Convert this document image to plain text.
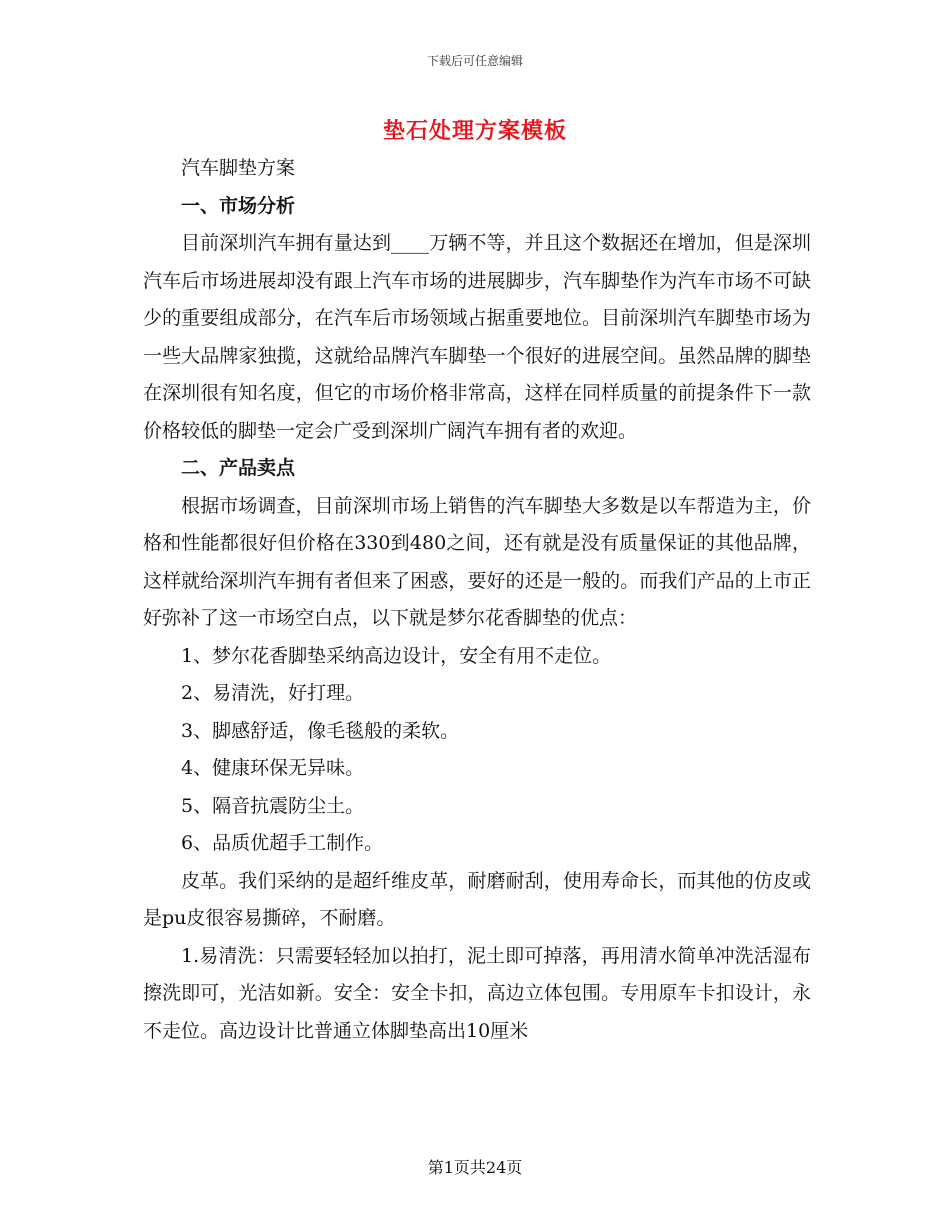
下载后可任意编辑
垫石处理方案模板

汽车脚垫方案

一、市场分析

目前深圳汽车拥有量达到____万辆不等，并且这个数据还在增加，但是深圳汽车后市场进展却没有跟上汽车市场的进展脚步，汽车脚垫作为汽车市场不可缺少的重要组成部分，在汽车后市场领域占据重要地位。目前深圳汽车脚垫市场为一些大品牌家独揽，这就给品牌汽车脚垫一个很好的进展空间。虽然品牌的脚垫在深圳很有知名度，但它的市场价格非常高，这样在同样质量的前提条件下一款价格较低的脚垫一定会广受到深圳广阔汽车拥有者的欢迎。

二、产品卖点

根据市场调查，目前深圳市场上销售的汽车脚垫大多数是以车帮造为主，价格和性能都很好但价格在330到480之间，还有就是没有质量保证的其他品牌，这样就给深圳汽车拥有者但来了困惑，要好的还是一般的。而我们产品的上市正好弥补了这一市场空白点，以下就是梦尔花香脚垫的优点：

1、梦尔花香脚垫采纳高边设计，安全有用不走位。

2、易清洗，好打理。

3、脚感舒适，像毛毯般的柔软。

4、健康环保无异味。

5、隔音抗震防尘土。

6、品质优超手工制作。

皮革。我们采纳的是超纤维皮革，耐磨耐刮，使用寿命长，而其他的仿皮或是pu皮很容易撕碎，不耐磨。

1.易清洗：只需要轻轻加以拍打，泥土即可掉落，再用清水简单冲洗活湿布擦洗即可，光洁如新。安全：安全卡扣，高边立体包围。专用原车卡扣设计，永不走位。高边设计比普通立体脚垫高出10厘米

第1页共24页
